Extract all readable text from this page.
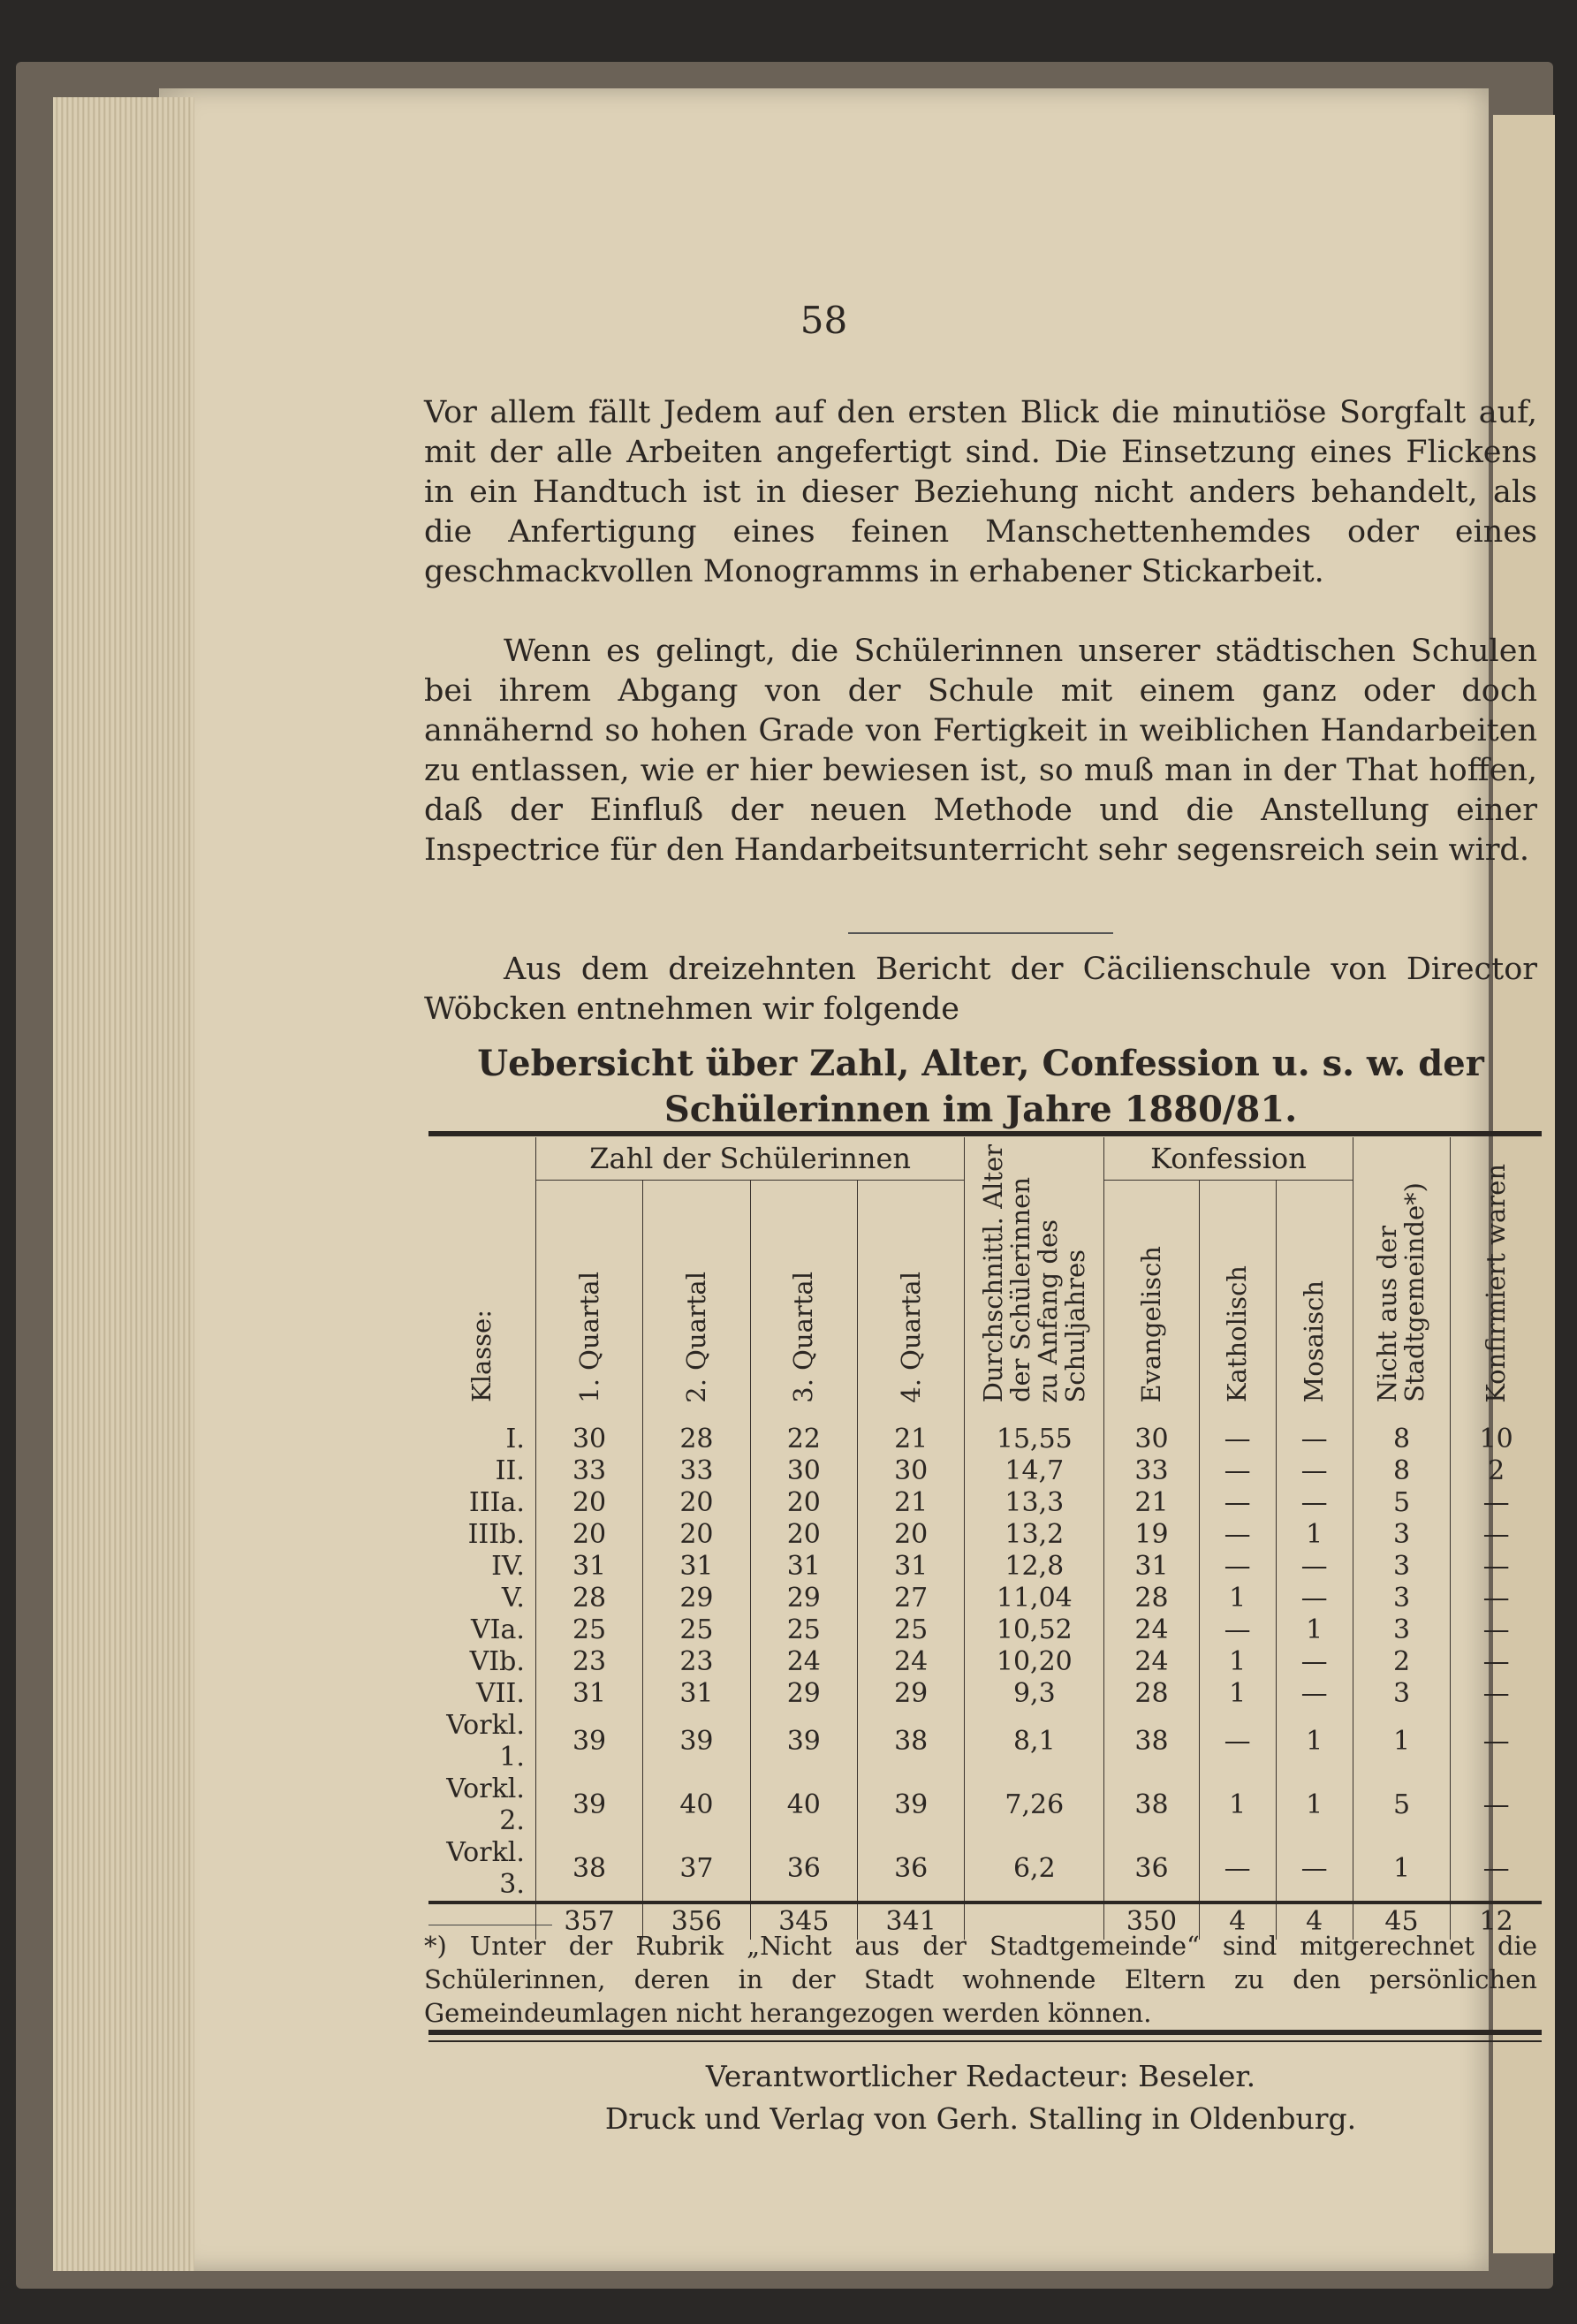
58
Vor allem fällt Jedem auf den ersten Blick die minutiöse Sorgfalt auf, mit der alle Arbeiten angefertigt sind. Die Einsetzung eines Flickens in ein Handtuch ist in dieser Beziehung nicht anders behandelt, als die Anfertigung eines feinen Manschettenhemdes oder eines geschmackvollen Monogramms in erhabener Stickarbeit.
Wenn es gelingt, die Schülerinnen unserer städtischen Schulen bei ihrem Abgang von der Schule mit einem ganz oder doch annähernd so hohen Grade von Fertigkeit in weiblichen Handarbeiten zu entlassen, wie er hier bewiesen ist, so muß man in der That hoffen, daß der Einfluß der neuen Methode und die Anstellung einer Inspectrice für den Handarbeitsunterricht sehr segensreich sein wird.
Aus dem dreizehnten Bericht der Cäcilienschule von Director Wöbcken entnehmen wir folgende
Uebersicht über Zahl, Alter, Confession u. s. w. der
Schülerinnen im Jahre 1880/81.
Klasse:	Zahl der Schülerinnen				Durchschnittl. Alterder Schülerinnenzu Anfang desSchuljahres	Konfession			Nicht aus derStadtgemeinde*)	Konfirmiert waren
	1. Quartal	2. Quartal	3. Quartal	4. Quartal		Evangelisch	Katholisch	Mosaisch		
I.	30	28	22	21	15,55	30	—	—	8	10
II.	33	33	30	30	14,7	33	—	—	8	2
IIIa.	20	20	20	21	13,3	21	—	—	5	—
IIIb.	20	20	20	20	13,2	19	—	1	3	—
IV.	31	31	31	31	12,8	31	—	—	3	—
V.	28	29	29	27	11,04	28	1	—	3	—
VIa.	25	25	25	25	10,52	24	—	1	3	—
VIb.	23	23	24	24	10,20	24	1	—	2	—
VII.	31	31	29	29	9,3	28	1	—	3	—
Vorkl. 1.	39	39	39	38	8,1	38	—	1	1	—
Vorkl. 2.	39	40	40	39	7,26	38	1	1	5	—
Vorkl. 3.	38	37	36	36	6,2	36	—	—	1	—
	357	356	345	341		350	4	4	45	12
*) Unter der Rubrik „Nicht aus der Stadtgemeinde“ sind mitgerechnet die Schülerinnen, deren in der Stadt wohnende Eltern zu den persönlichen Gemeindeumlagen nicht herangezogen werden können.
Verantwortlicher Redacteur: Beseler.
Druck und Verlag von Gerh. Stalling in Oldenburg.
